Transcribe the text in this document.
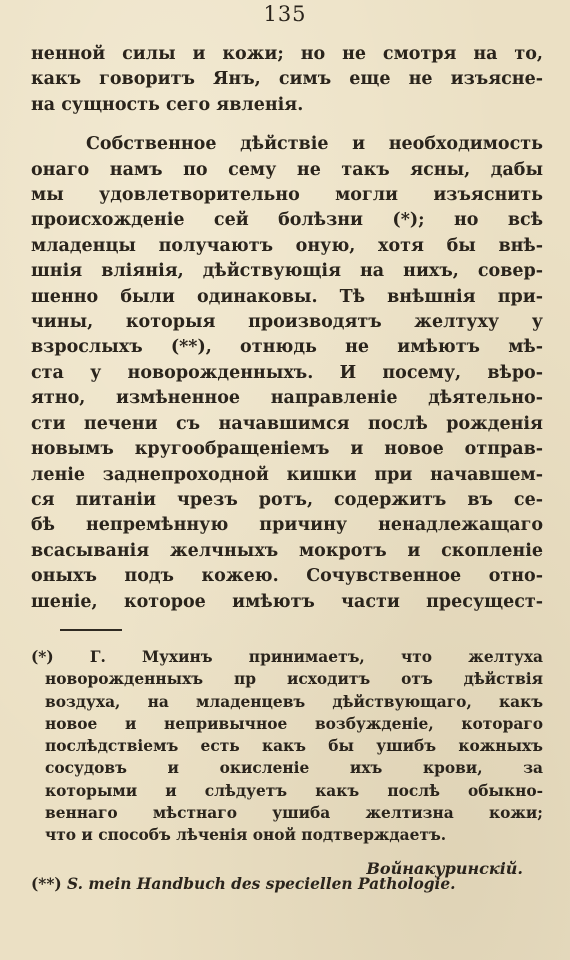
135
ненной силы и кожи; но не смотря на то,
какъ говоритъ Янъ, симъ еще не изъясне-
на сущность сего явленія.
Собственное дѣйствіе и необходимость
онаго намъ по сему не такъ ясны, дабы
мы удовлетворительно могли изъяснить
происхожденіе сей болѣзни (*); но всѣ
младенцы получаютъ оную, хотя бы внѣ-
шнія влiянія, дѣйствующія на нихъ, совер-
шенно были одинаковы. Тѣ внѣшнія при-
чины, которыя производятъ желтуху у
взрослыхъ (**), отнюдь не имѣютъ мѣ-
ста у новорожденныхъ. И посему, вѣро-
ятно, измѣненное направленіе дѣятельно-
сти печени съ начавшимся послѣ рожденія
новымъ кругообращеніемъ и новое отправ-
леніе заднепроходной кишки при начавшем-
ся питаніи чрезъ ротъ, содержитъ въ се-
бѣ непремѣнную причину ненадлежащаго
всасыванія желчныхъ мокротъ и скопленіе
оныхъ подъ кожею. Сочувственное отно-
шеніе, которое имѣютъ части пресущест-
(*) Г. Мухинъ принимаетъ, что желтуха
новорожденныхъ пр исходитъ отъ дѣйствія
воздуха, на младенцевъ дѣйствующаго, какъ
новое и непривычное возбужденіе, котораго
послѣдствіемъ есть какъ бы ушибъ кожныхъ
сосудовъ и окисленіе ихъ крови, за
которыми и слѣдуетъ какъ послѣ обыкно-
веннаго мѣстнаго ушиба желтизна кожи;
что и способъ лѣченія оной подтверждаетъ.
Войнакуринскій.
(**) S. mein Handbuch des speciellen Pathologie.
